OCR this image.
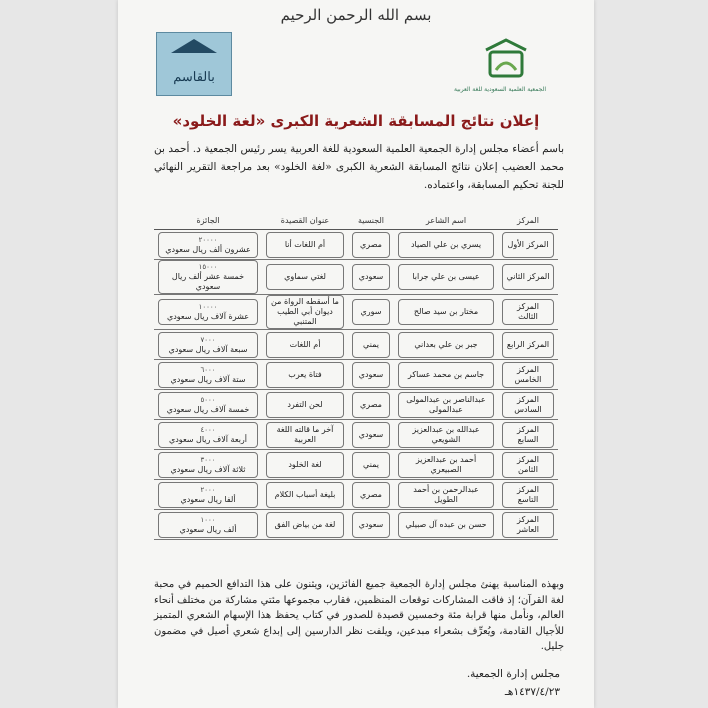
بسم الله الرحمن الرحيم
بالقاسم
الجمعية العلمية السعودية للغة العربية
إعلان نتائج المسابقة الشعرية الكبرى «لغة الخلود»
باسم أعضاء مجلس إدارة الجمعية العلمية السعودية للغة العربية يسر رئيس الجمعية د. أحمد بن محمد العضيب إعلان نتائج المسابقة الشعرية الكبرى «لغة الخلود» بعد مراجعة التقرير النهائي للجنة تحكيم المسابقة، واعتماده.
المركز	اسم الشاعر	الجنسية	عنوان القصيدة	الجائزة

المركز الأول	يسري بن علي الصياد	مصري	أم اللغات أنا	٢٠٠٠٠
عشرون ألف ريال سعودي

المركز الثاني	عيسى بن علي جرابا	سعودي	لغتي سماوي	١٥٠٠٠
خمسة عشر ألف ريال سعودي

المركز الثالث	مختار بن سيد صالح	سوري	ما أسقطه الرواة من ديوان أبي الطيب المتنبي	١٠٠٠٠
عشرة آلاف ريال سعودي

المركز الرابع	جبر بن علي بعداني	يمني	أم اللغات	٧٠٠٠
سبعة آلاف ريال سعودي

المركز الخامس	جاسم بن محمد عساكر	سعودي	فتاة يعرب	٦٠٠٠
ستة آلاف ريال سعودي

المركز السادس	عبدالناصر بن عبدالمولى عبدالمولى	مصري	لحن التفرد	٥٠٠٠
خمسة آلاف ريال سعودي

المركز السابع	عبدالله بن عبدالعزيز الشويعي	سعودي	آخر ما قالته اللغة العربية	٤٠٠٠
أربعة آلاف ريال سعودي

المركز الثامن	أحمد بن عبدالعزيز الصبيعري	يمني	لغة الخلود	٣٠٠٠
ثلاثة آلاف ريال سعودي

المركز التاسع	عبدالرحمن بن أحمد الطويل	مصري	بليغة أسباب الكلام	٢٠٠٠
ألفا ريال سعودي

المركز العاشر	حسن بن عبده آل صبيلي	سعودي	لغة من بياض الفق	١٠٠٠
ألف ريال سعودي
وبهذه المناسبة يهنئ مجلس إدارة الجمعية جميع الفائزين، ويثنون على هذا التدافع الحميم في محبة لغة القرآن؛ إذ فاقت المشاركات توقعات المنظمين، فقارب مجموعها مئتي مشاركة من مختلف أنحاء العالم، ونأمل منها قرابة مئة وخمسين قصيدة للصدور في كتاب يحفظ هذا الإسهام الشعري المتميز للأجيال القادمة، ويُعرِّف بشعراء مبدعين، ويلفت نظر الدارسين إلى إبداع شعري أصيل في مضمون جليل.
مجلس إدارة الجمعية.
١٤٣٧/٤/٢٣هـ
